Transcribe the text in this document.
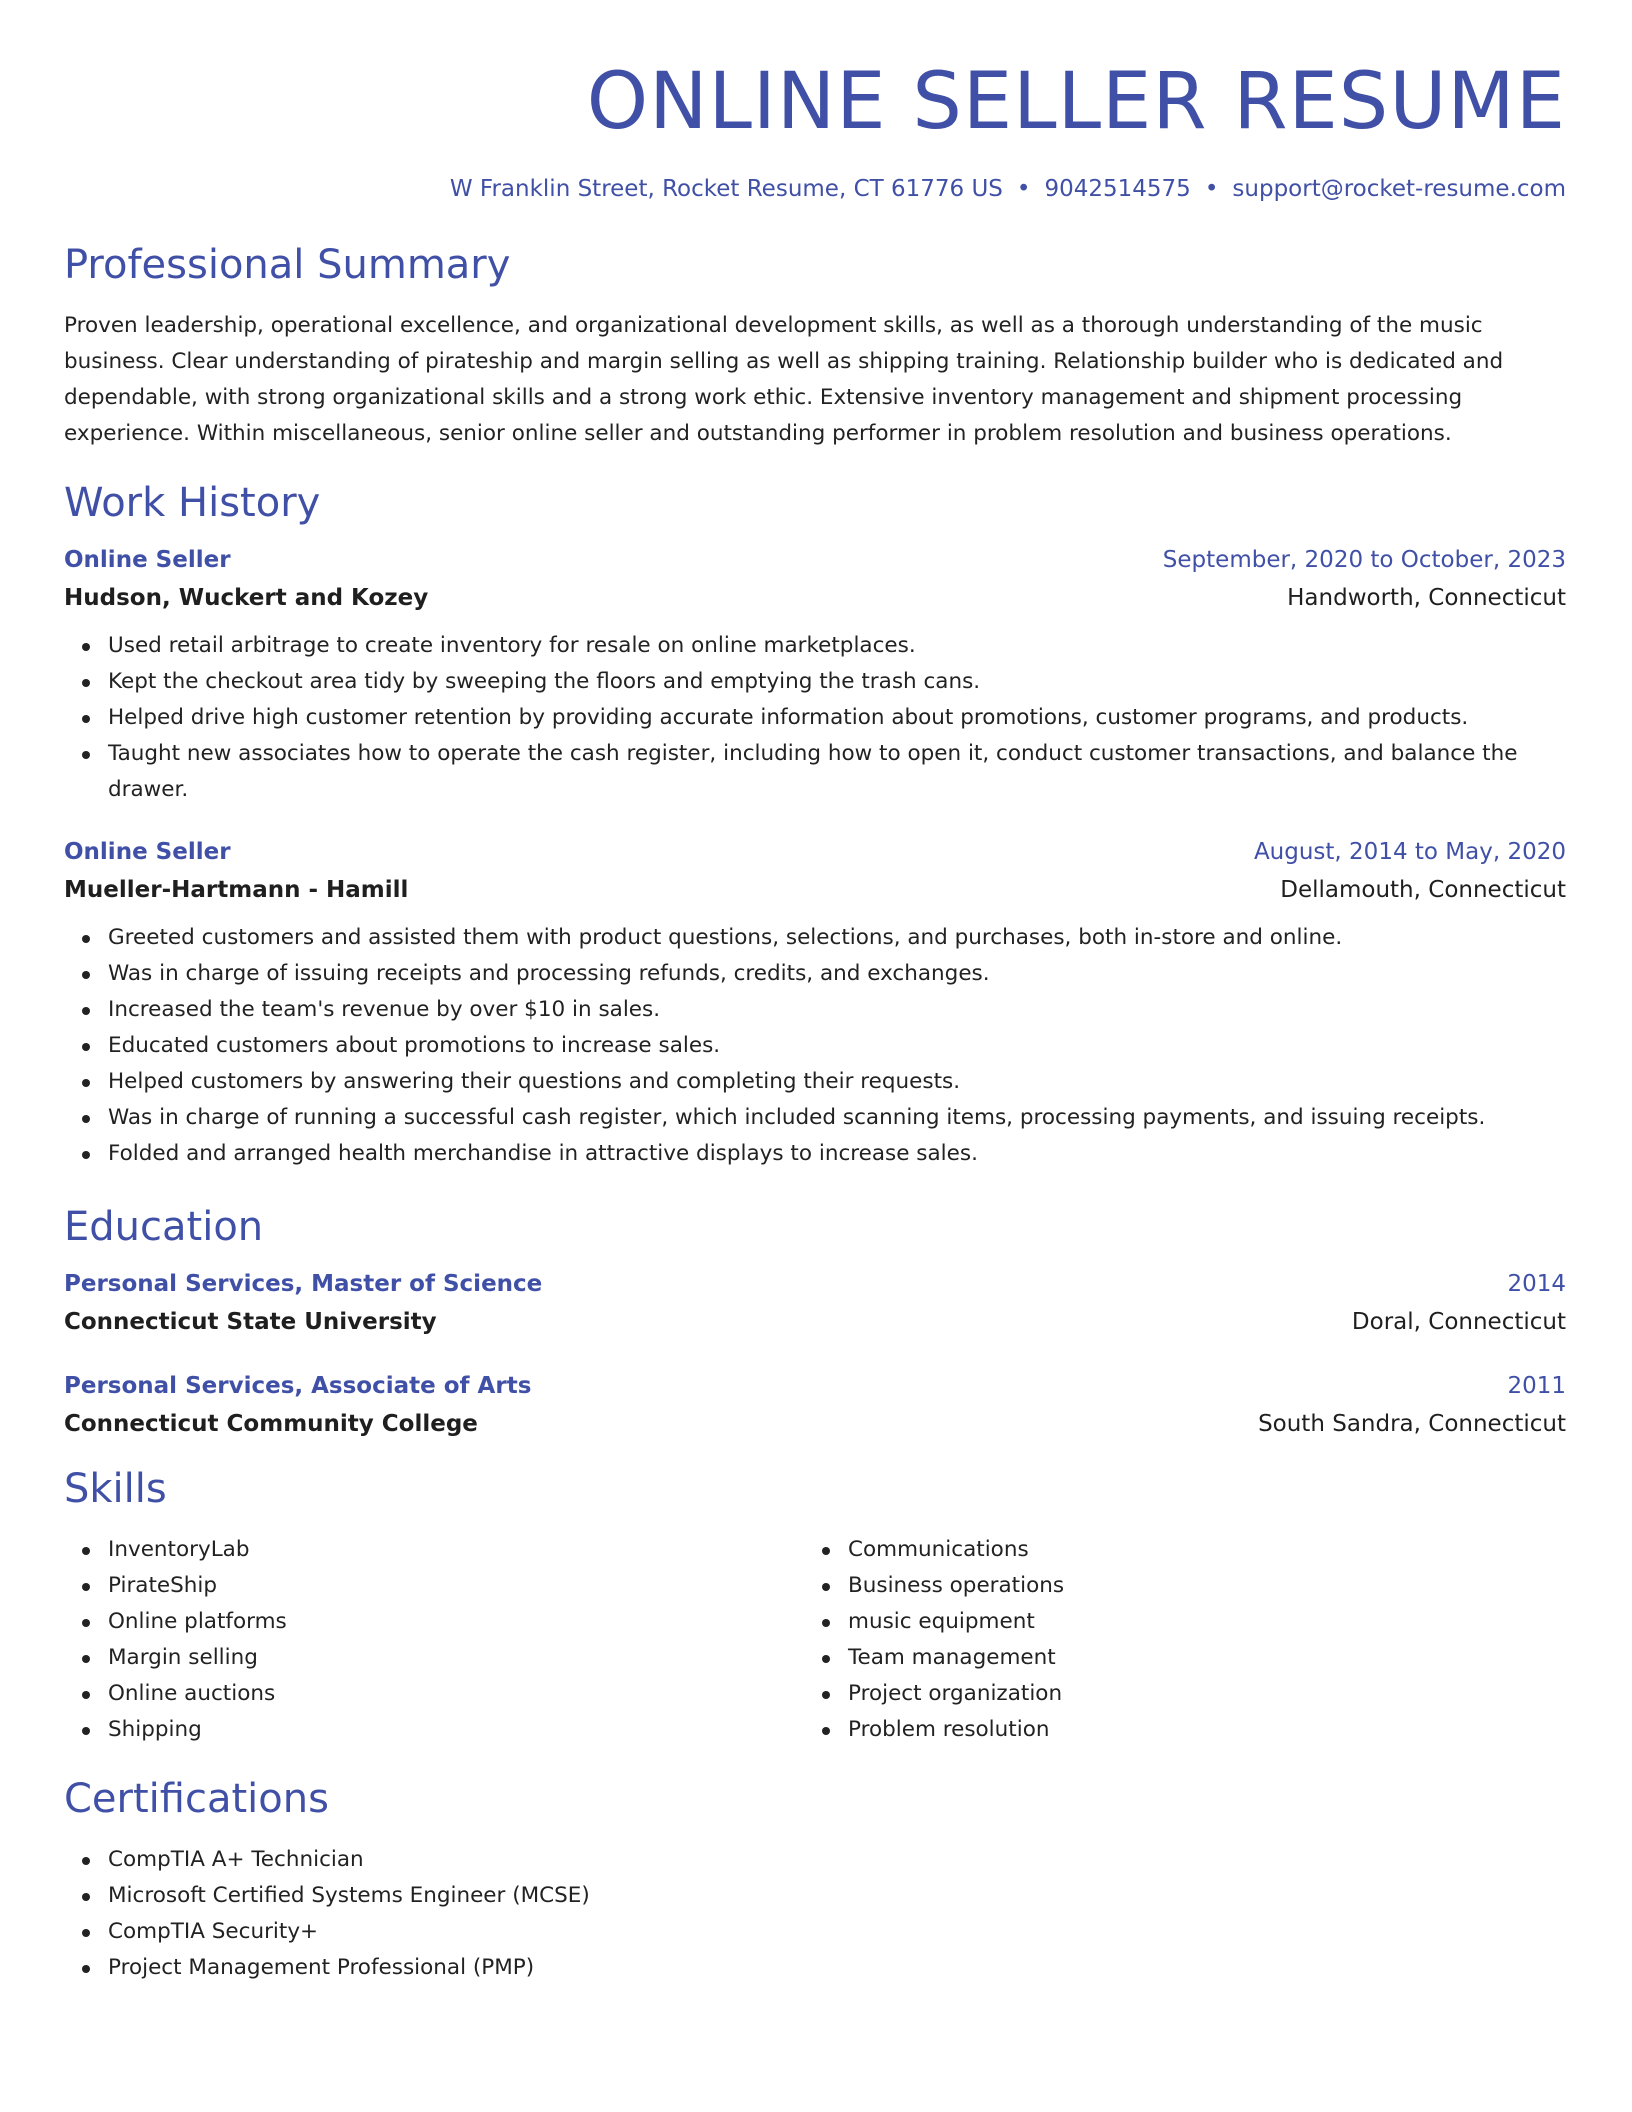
ONLINE SELLER RESUME
W Franklin Street, Rocket Resume, CT 61776 US • 9042514575 • support@rocket-resume.com
Professional Summary

Proven leadership, operational excellence, and organizational development skills, as well as a thorough understanding of the music business. Clear understanding of pirateship and margin selling as well as shipping training. Relationship builder who is dedicated and dependable, with strong organizational skills and a strong work ethic. Extensive inventory management and shipment processing experience. Within miscellaneous, senior online seller and outstanding performer in problem resolution and business operations.

Work History
Online Seller	September, 2020 to October, 2023
Hudson, Wuckert and Kozey	Handworth, Connecticut
Used retail arbitrage to create inventory for resale on online marketplaces.
Kept the checkout area tidy by sweeping the floors and emptying the trash cans.
Helped drive high customer retention by providing accurate information about promotions, customer programs, and products.
Taught new associates how to operate the cash register, including how to open it, conduct customer transactions, and balance the drawer.
Online Seller	August, 2014 to May, 2020
Mueller-Hartmann - Hamill	Dellamouth, Connecticut
Greeted customers and assisted them with product questions, selections, and purchases, both in-store and online.
Was in charge of issuing receipts and processing refunds, credits, and exchanges.
Increased the team's revenue by over $10 in sales.
Educated customers about promotions to increase sales.
Helped customers by answering their questions and completing their requests.
Was in charge of running a successful cash register, which included scanning items, processing payments, and issuing receipts.
Folded and arranged health merchandise in attractive displays to increase sales.
Education
Personal Services, Master of Science	2014
Connecticut State University	Doral, Connecticut
Personal Services, Associate of Arts	2011
Connecticut Community College	South Sandra, Connecticut
Skills
InventoryLab
PirateShip
Online platforms
Margin selling
Online auctions
Shipping
Communications
Business operations
music equipment
Team management
Project organization
Problem resolution
Certifications
CompTIA A+ Technician
Microsoft Certified Systems Engineer (MCSE)
CompTIA Security+
Project Management Professional (PMP)
